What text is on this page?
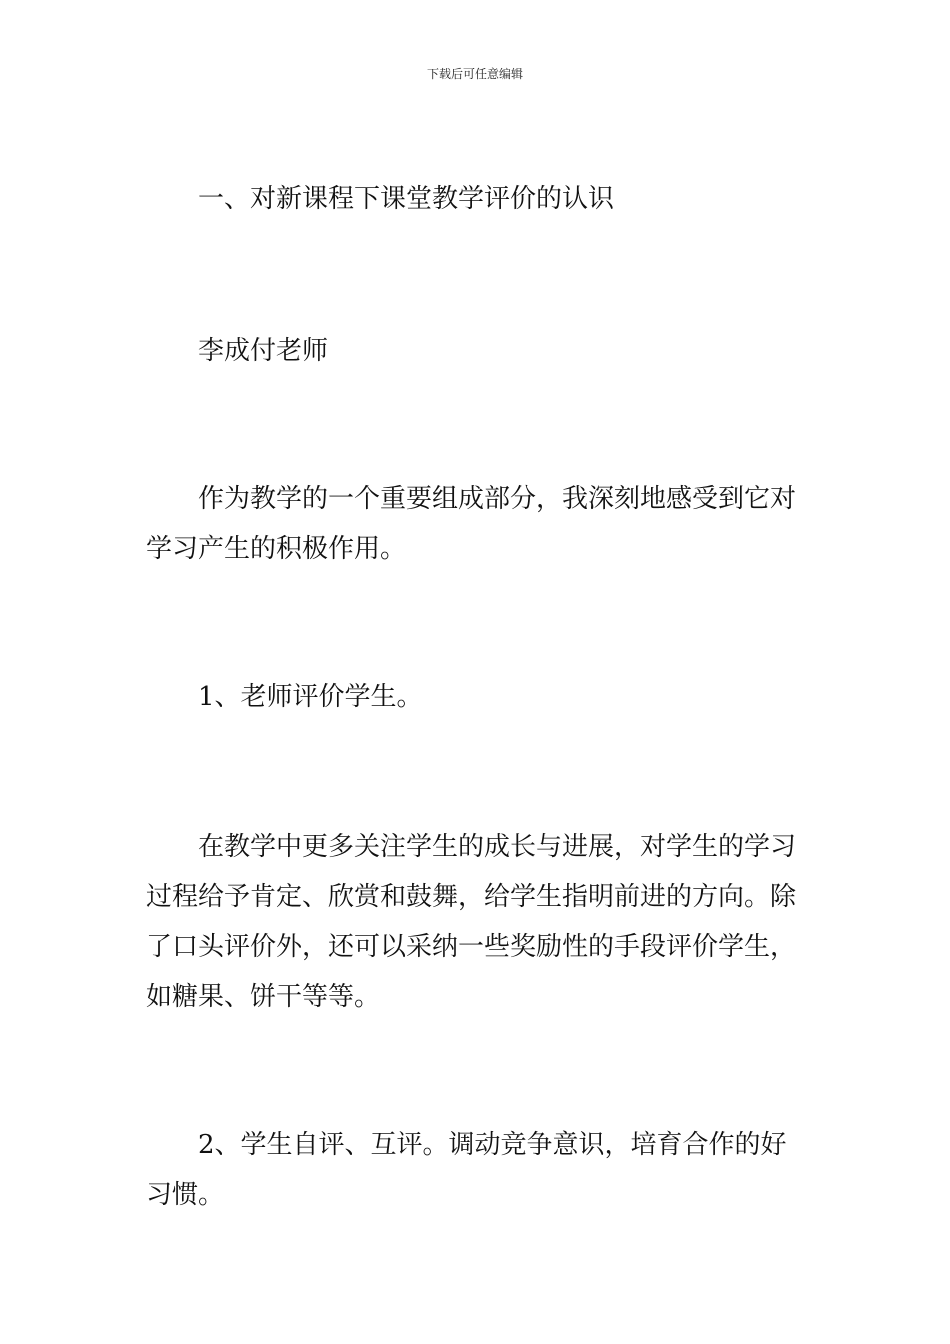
下载后可任意编辑

一、对新课程下课堂教学评价的认识

李成付老师

作为教学的一个重要组成部分，我深刻地感受到它对学习产生的积极作用。

1、老师评价学生。

在教学中更多关注学生的成长与进展，对学生的学习过程给予肯定、欣赏和鼓舞，给学生指明前进的方向。除了口头评价外，还可以采纳一些奖励性的手段评价学生，如糖果、饼干等等。

2、学生自评、互评。调动竞争意识，培育合作的好习惯。
